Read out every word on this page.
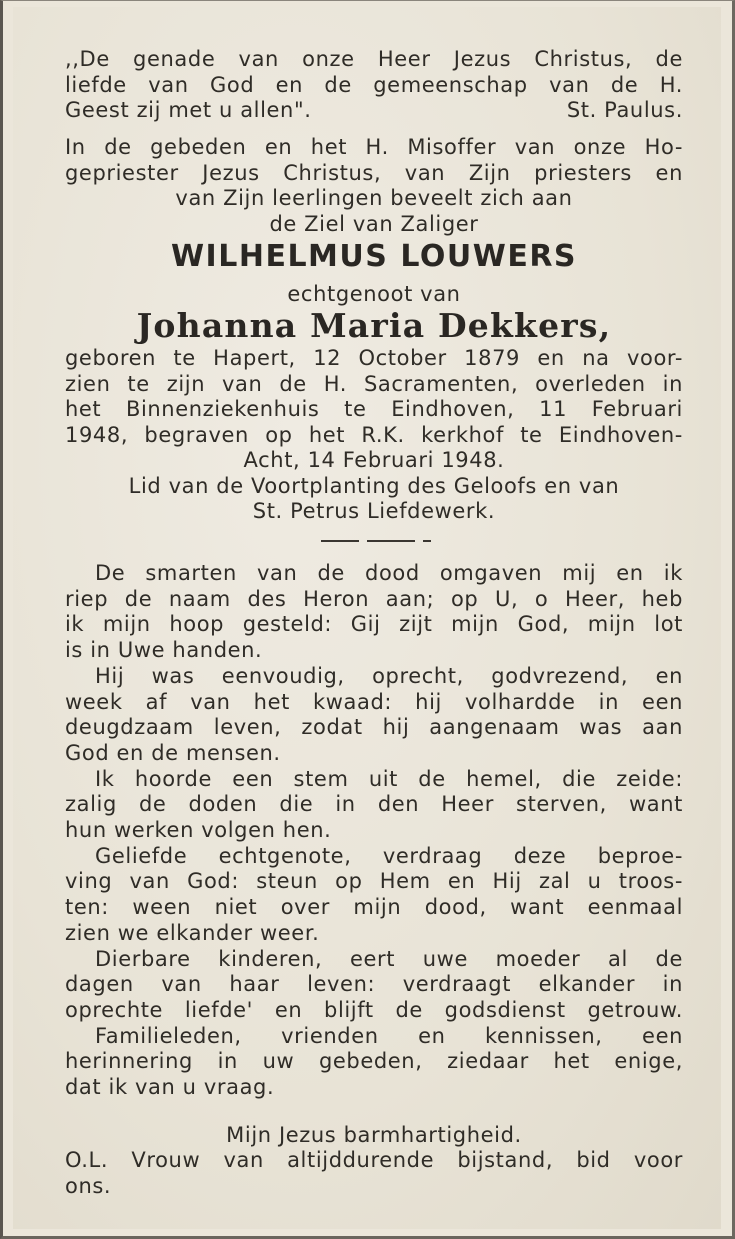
,,De genade van onze Heer Jezus Christus, de
liefde van God en de gemeenschap van de H.
Geest zij met u allen".	St. Paulus.
In de gebeden en het H. Misoffer van onze Ho-
gepriester Jezus Christus, van Zijn priesters en
van Zijn leerlingen beveelt zich aan
de Ziel van Zaliger
WILHELMUS LOUWERS
echtgenoot van
Johanna Maria Dekkers,
geboren te Hapert, 12 October 1879 en na voor-
zien te zijn van de H. Sacramenten, overleden in
het Binnenziekenhuis te Eindhoven, 11 Februari
1948, begraven op het R.K. kerkhof te Eindhoven-
Acht, 14 Februari 1948.
Lid van de Voortplanting des Geloofs en van
St. Petrus Liefdewerk.
De smarten van de dood omgaven mij en ik
riep de naam des Heron aan; op U, o Heer, heb
ik mijn hoop gesteld: Gij zijt mijn God, mijn lot
is in Uwe handen.
Hij was eenvoudig, oprecht, godvrezend, en
week af van het kwaad: hij volhardde in een
deugdzaam leven, zodat hij aangenaam was aan
God en de mensen.
Ik hoorde een stem uit de hemel, die zeide:
zalig de doden die in den Heer sterven, want
hun werken volgen hen.
Geliefde echtgenote, verdraag deze beproe-
ving van God: steun op Hem en Hij zal u troos-
ten: ween niet over mijn dood, want eenmaal
zien we elkander weer.
Dierbare kinderen, eert uwe moeder al de
dagen van haar leven: verdraagt elkander in
oprechte liefde' en blijft de godsdienst getrouw.
Familieleden, vrienden en kennissen, een
herinnering in uw gebeden, ziedaar het enige,
dat ik van u vraag.
Mijn Jezus barmhartigheid.
O.L. Vrouw van altijddurende bijstand, bid voor
ons.
